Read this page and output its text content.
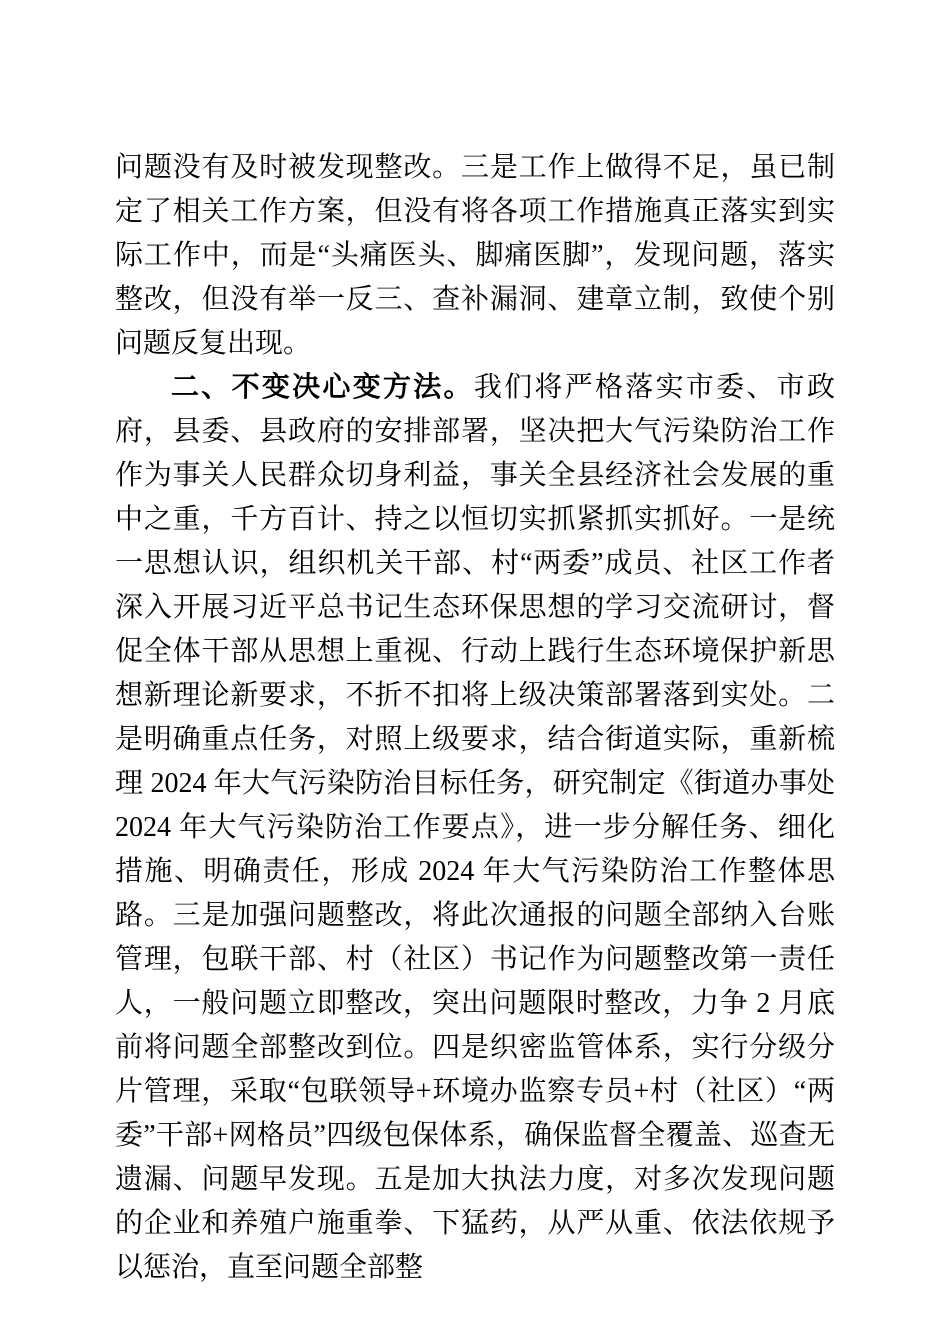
问题没有及时被发现整改。三是工作上做得不足，虽已制定了相关工作方案，但没有将各项工作措施真正落实到实际工作中，而是“头痛医头、脚痛医脚”，发现问题，落实整改，但没有举一反三、查补漏洞、建章立制，致使个别问题反复出现。

二、不变决心变方法。我们将严格落实市委、市政府，县委、县政府的安排部署，坚决把大气污染防治工作作为事关人民群众切身利益，事关全县经济社会发展的重中之重，千方百计、持之以恒切实抓紧抓实抓好。一是统一思想认识，组织机关干部、村“两委”成员、社区工作者深入开展习近平总书记生态环保思想的学习交流研讨，督促全体干部从思想上重视、行动上践行生态环境保护新思想新理论新要求，不折不扣将上级决策部署落到实处。二是明确重点任务，对照上级要求，结合街道实际，重新梳理 2024 年大气污染防治目标任务，研究制定《街道办事处 2024 年大气污染防治工作要点》，进一步分解任务、细化措施、明确责任，形成 2024 年大气污染防治工作整体思路。三是加强问题整改，将此次通报的问题全部纳入台账管理，包联干部、村（社区）书记作为问题整改第一责任人，一般问题立即整改，突出问题限时整改，力争 2 月底前将问题全部整改到位。四是织密监管体系，实行分级分片管理，采取“包联领导+环境办监察专员+村（社区）“两委”干部+网格员”四级包保体系，确保监督全覆盖、巡查无遗漏、问题早发现。五是加大执法力度，对多次发现问题的企业和养殖户施重拳、下猛药，从严从重、依法依规予以惩治，直至问题全部整
